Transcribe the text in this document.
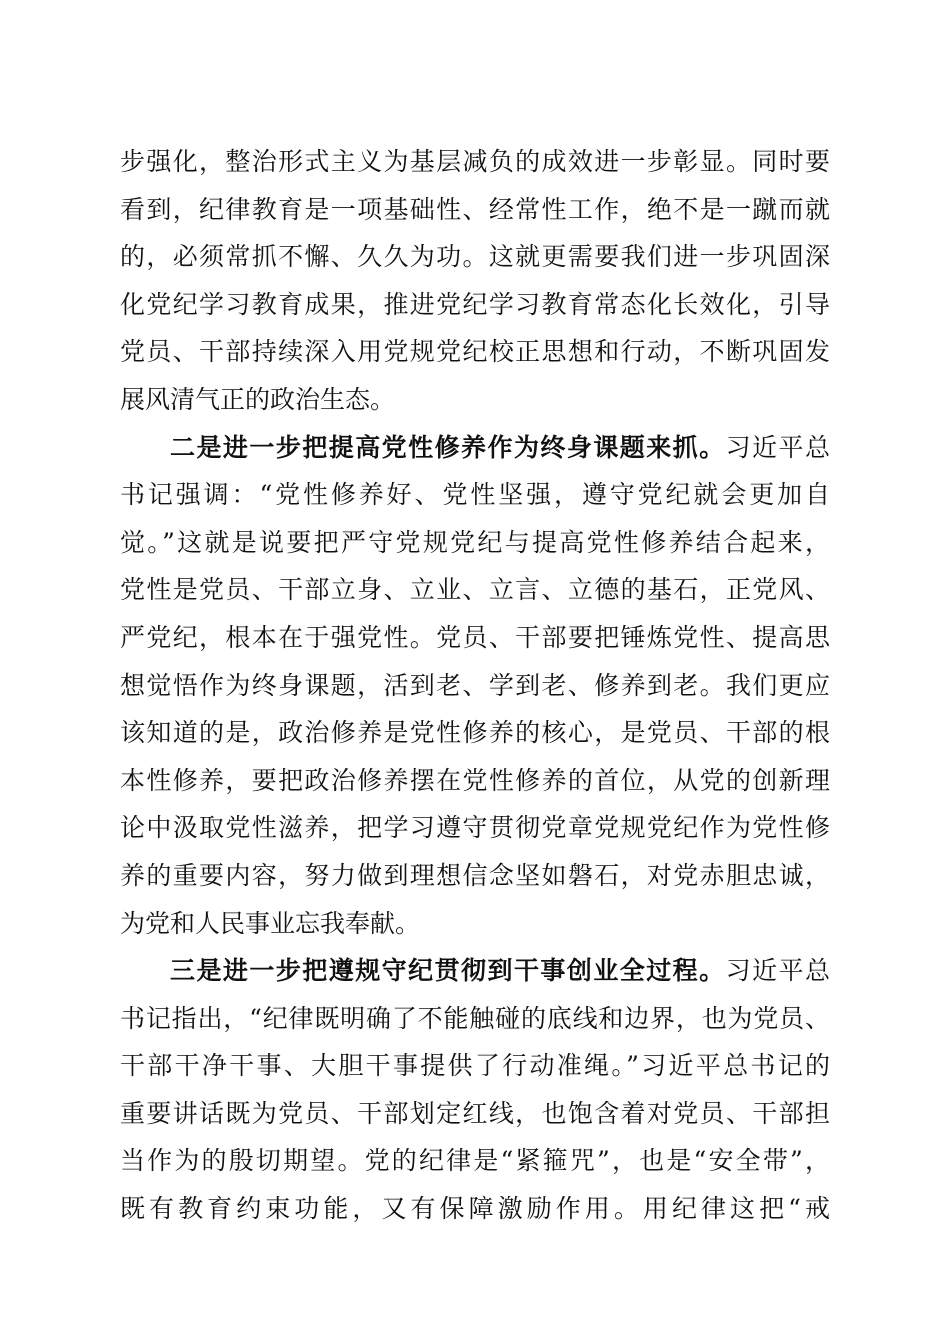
步强化，整治形式主义为基层减负的成效进一步彰显。同时要
看到，纪律教育是一项基础性、经常性工作，绝不是一蹴而就
的，必须常抓不懈、久久为功。这就更需要我们进一步巩固深
化党纪学习教育成果，推进党纪学习教育常态化长效化，引导
党员、干部持续深入用党规党纪校正思想和行动，不断巩固发
展风清气正的政治生态。
二是进一步把提高党性修养作为终身课题来抓。习近平总
书记强调：“党性修养好、党性坚强，遵守党纪就会更加自
觉。”这就是说要把严守党规党纪与提高党性修养结合起来，
党性是党员、干部立身、立业、立言、立德的基石，正党风、
严党纪，根本在于强党性。党员、干部要把锤炼党性、提高思
想觉悟作为终身课题，活到老、学到老、修养到老。我们更应
该知道的是，政治修养是党性修养的核心，是党员、干部的根
本性修养，要把政治修养摆在党性修养的首位，从党的创新理
论中汲取党性滋养，把学习遵守贯彻党章党规党纪作为党性修
养的重要内容，努力做到理想信念坚如磐石，对党赤胆忠诚，
为党和人民事业忘我奉献。
三是进一步把遵规守纪贯彻到干事创业全过程。习近平总
书记指出，“纪律既明确了不能触碰的底线和边界，也为党员、
干部干净干事、大胆干事提供了行动准绳。”习近平总书记的
重要讲话既为党员、干部划定红线，也饱含着对党员、干部担
当作为的殷切期望。党的纪律是“紧箍咒”，也是“安全带”，
既有教育约束功能，又有保障激励作用。用纪律这把“戒
